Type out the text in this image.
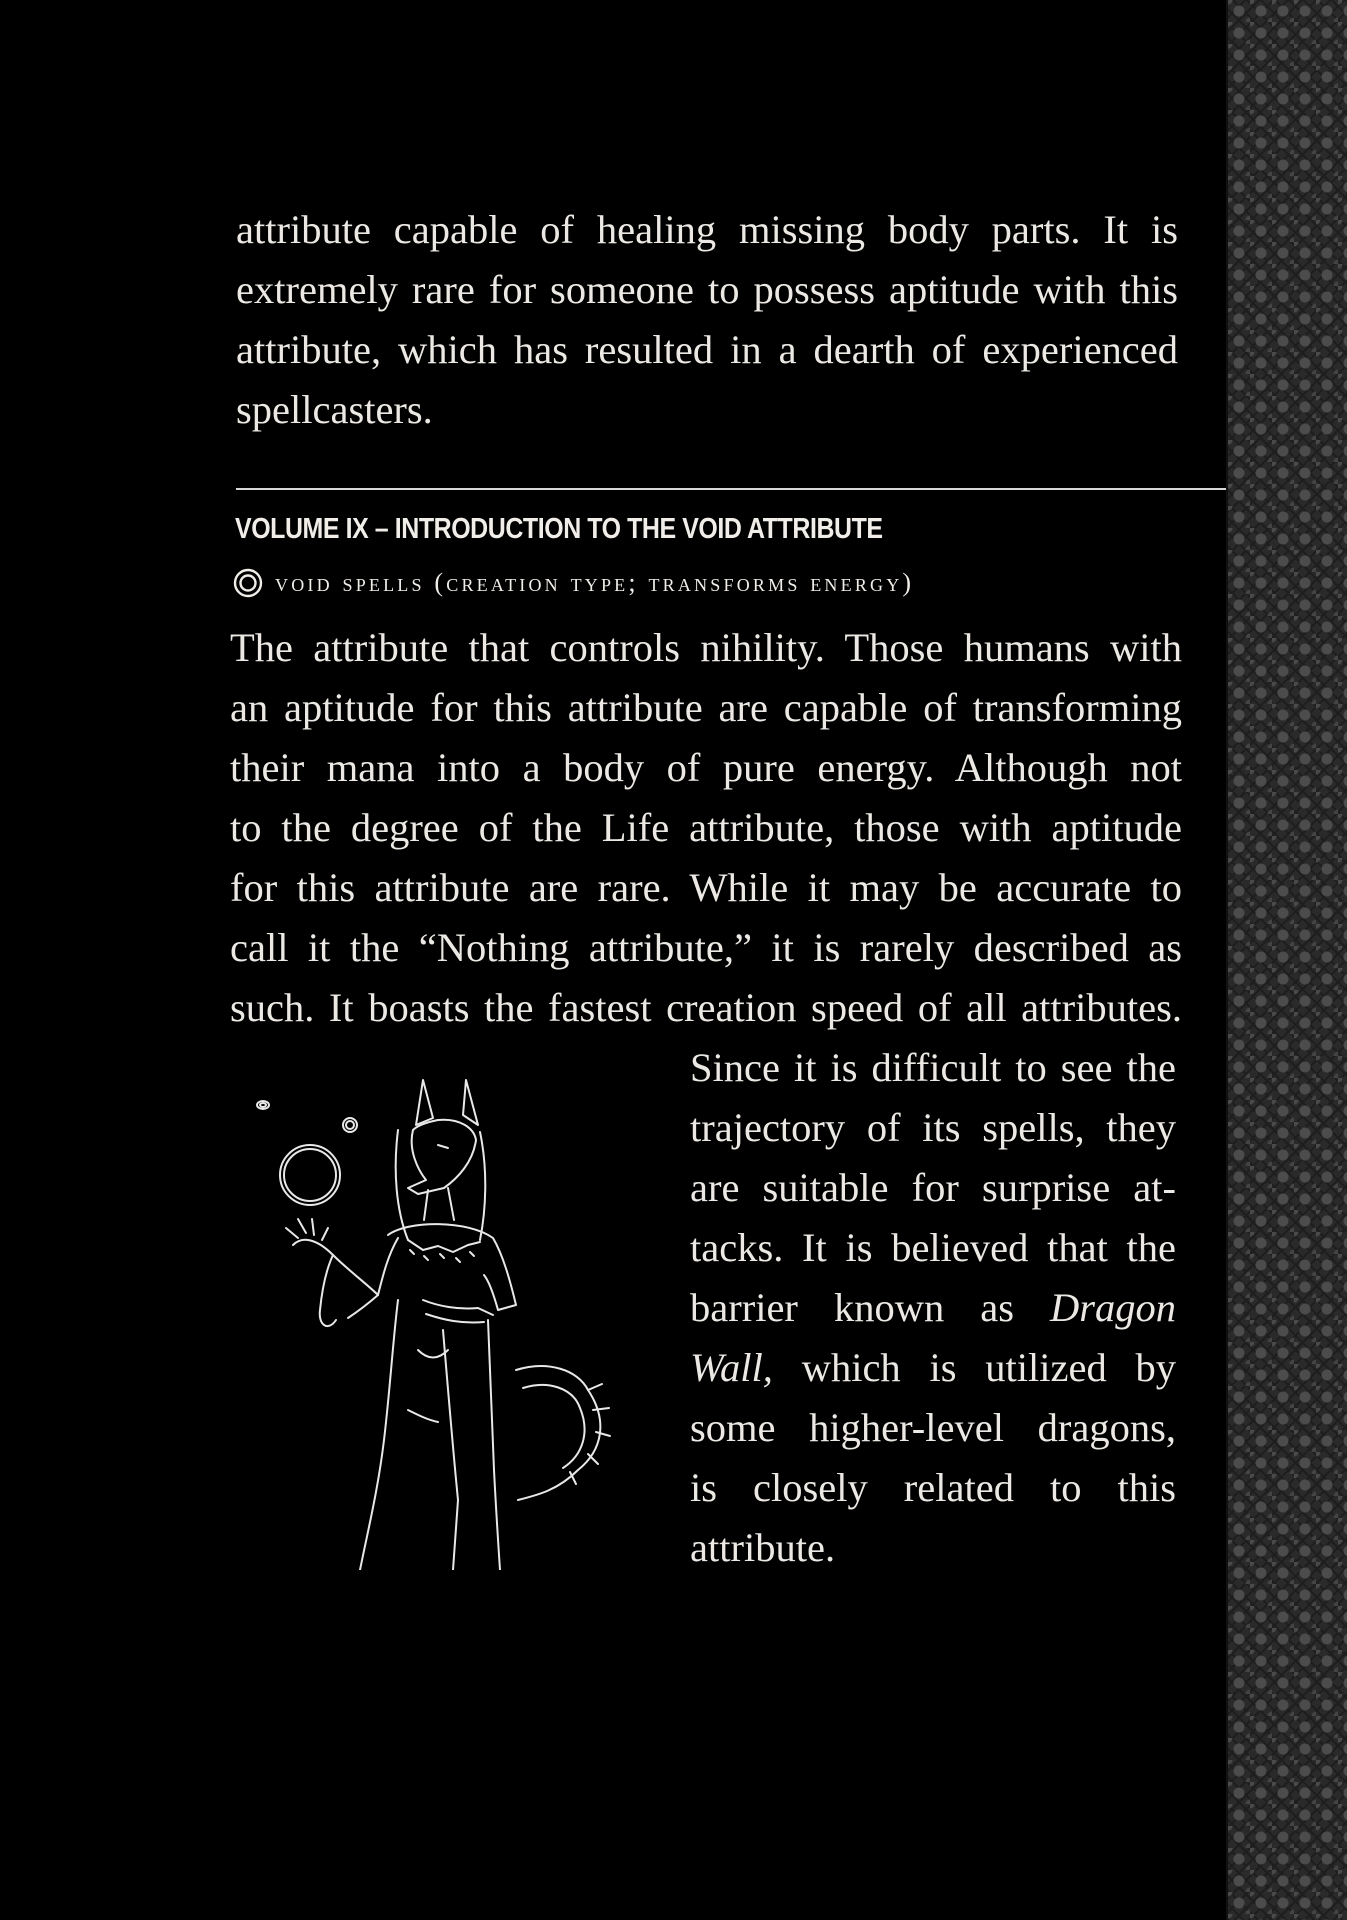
attribute capable of healing missing body parts. It is
extremely rare for someone to possess aptitude with this
attribute, which has resulted in a dearth of experienced
spellcasters.
VOLUME IX – INTRODUCTION TO THE VOID ATTRIBUTE
void spells (creation type; transforms energy)
The attribute that controls nihility. Those humans with
an aptitude for this attribute are capable of transforming
their mana into a body of pure energy. Although not
to the degree of the Life attribute, those with aptitude
for this attribute are rare. While it may be accurate to
call it the “Nothing attribute,” it is rarely described as
such. It boasts the fastest creation speed of all attributes.
Since it is difficult to see the
trajectory of its spells, they
are suitable for surprise at-
tacks. It is believed that the
barrier known as Dragon
Wall, which is utilized by
some higher-level dragons,
is closely related to this
attribute.
